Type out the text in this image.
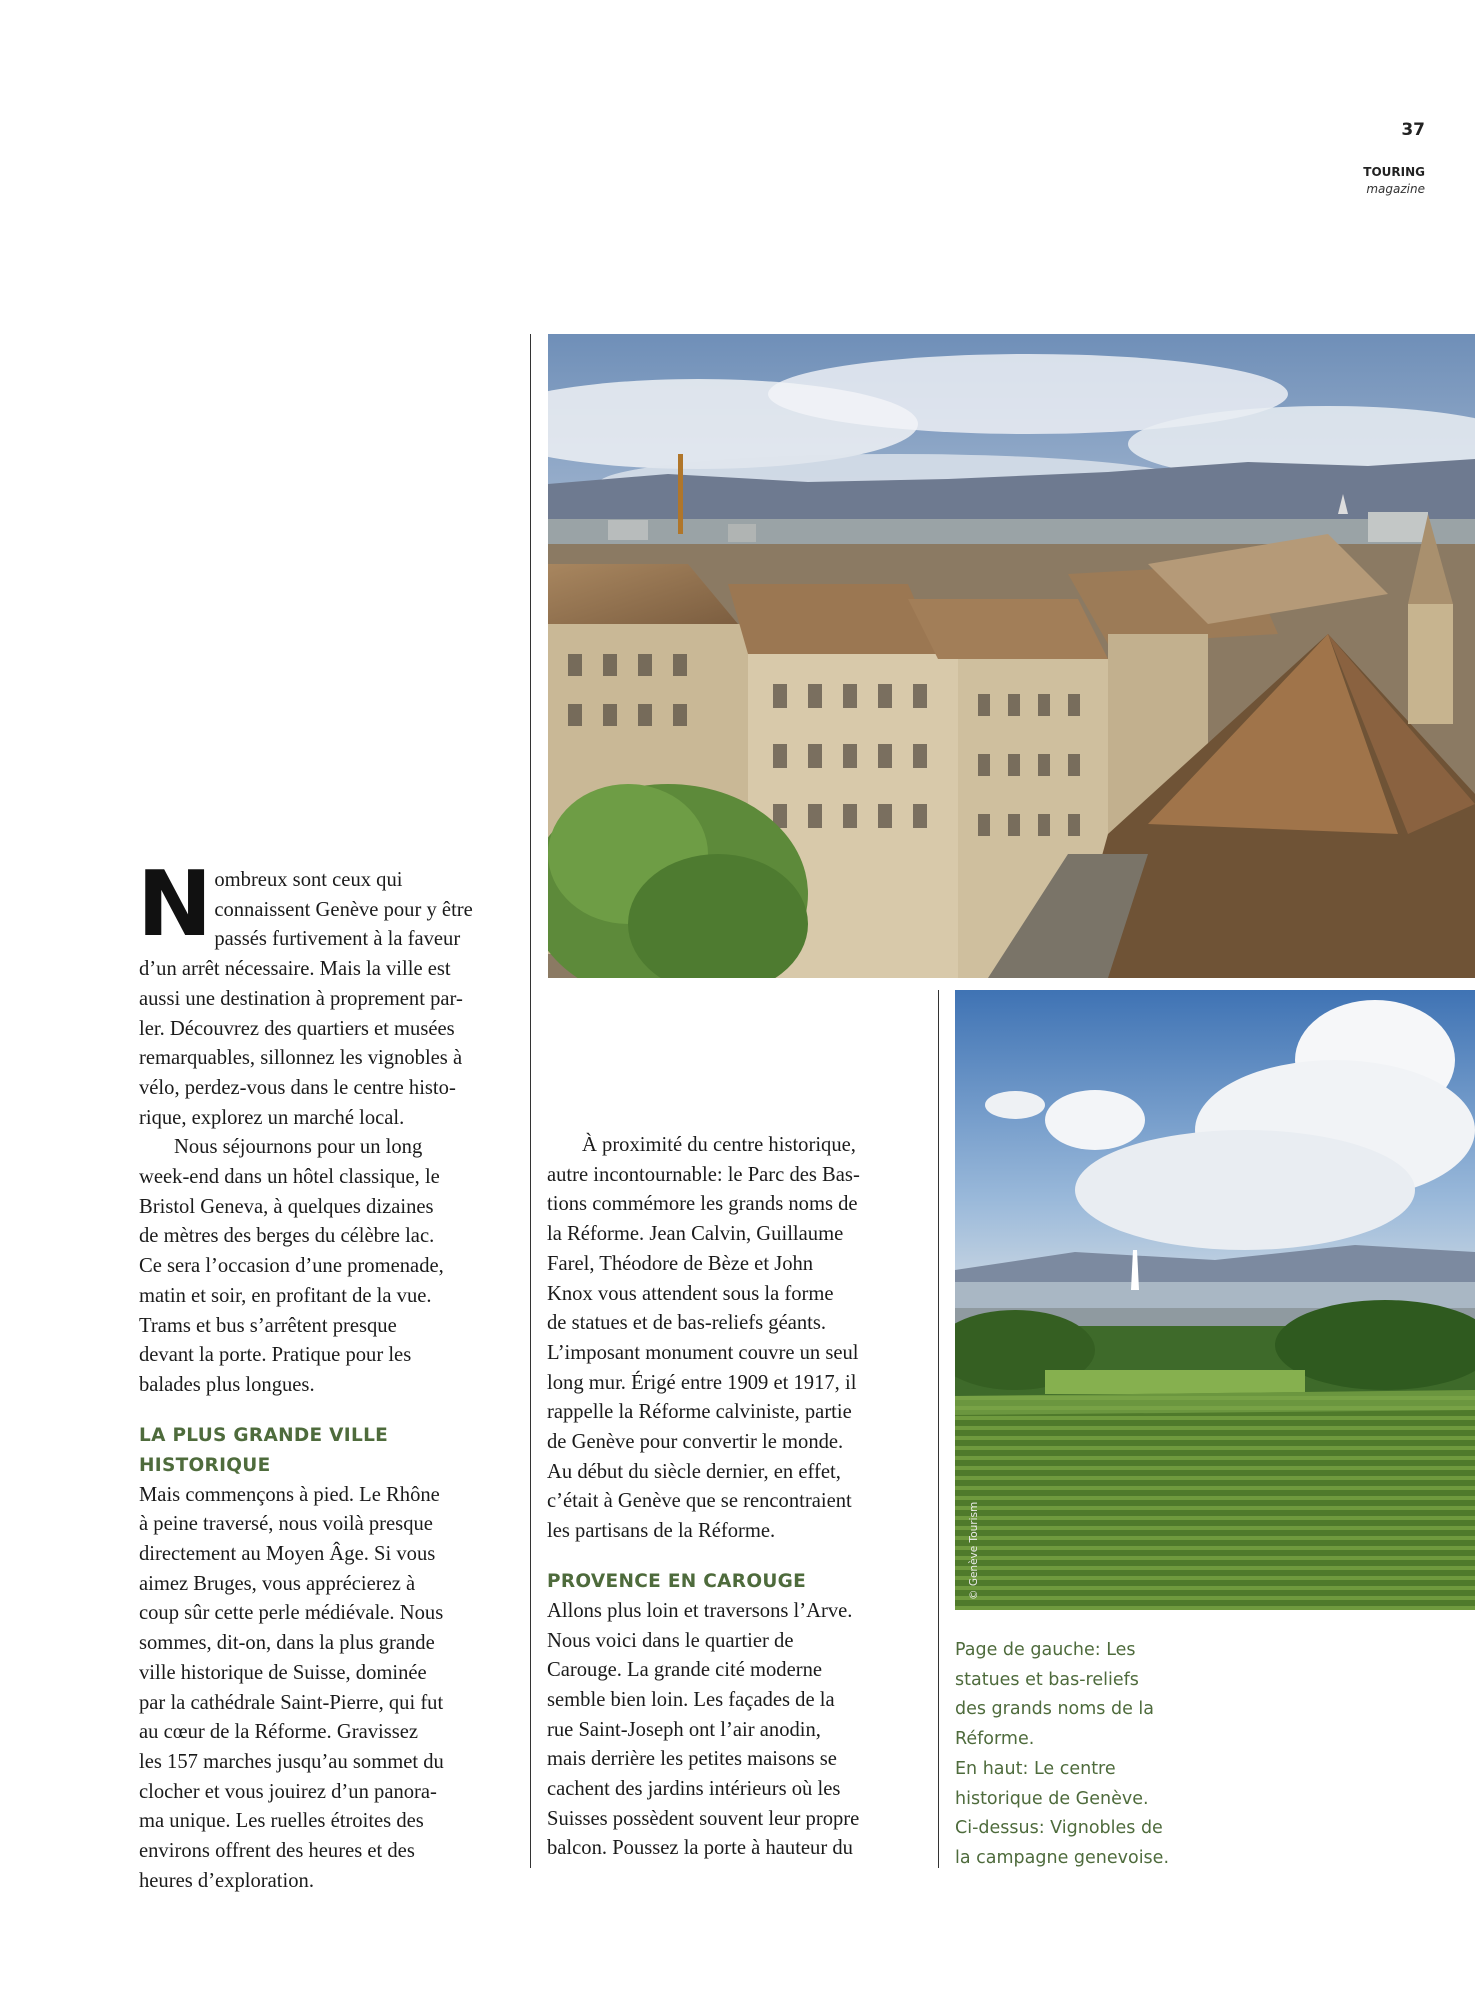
37
TOURING
magazine

N ombreux sont ceux qui
connaissent Genève pour y être
passés furtivement à la faveur
d’un arrêt nécessaire. Mais la ville est
aussi une destination à proprement par-
ler. Découvrez des quartiers et musées
remarquables, sillonnez les vignobles à
vélo, perdez-vous dans le centre histo-
rique, explorez un marché local.

Nous séjournons pour un long
week-end dans un hôtel classique, le
Bristol Geneva, à quelques dizaines
de mètres des berges du célèbre lac.
Ce sera l’occasion d’une promenade,
matin et soir, en profitant de la vue.
Trams et bus s’arrêtent presque
devant la porte. Pratique pour les
balades plus longues.

LA PLUS GRANDE VILLE HISTORIQUE

Mais commençons à pied. Le Rhône
à peine traversé, nous voilà presque
directement au Moyen Âge. Si vous
aimez Bruges, vous apprécierez à
coup sûr cette perle médiévale. Nous
sommes, dit-on, dans la plus grande
ville historique de Suisse, dominée
par la cathédrale Saint-Pierre, qui fut
au cœur de la Réforme. Gravissez
les 157 marches jusqu’au sommet du
clocher et vous jouirez d’un panora-
ma unique. Les ruelles étroites des
environs offrent des heures et des
heures d’exploration.

À proximité du centre historique,
autre incontournable: le Parc des Bas-
tions commémore les grands noms de
la Réforme. Jean Calvin, Guillaume
Farel, Théodore de Bèze et John
Knox vous attendent sous la forme
de statues et de bas-reliefs géants.
L’imposant monument couvre un seul
long mur. Érigé entre 1909 et 1917, il
rappelle la Réforme calviniste, partie
de Genève pour convertir le monde.
Au début du siècle dernier, en effet,
c’était à Genève que se rencontraient
les partisans de la Réforme.

PROVENCE EN CAROUGE

Allons plus loin et traversons l’Arve.
Nous voici dans le quartier de
Carouge. La grande cité moderne
semble bien loin. Les façades de la
rue Saint-Joseph ont l’air anodin,
mais derrière les petites maisons se
cachent des jardins intérieurs où les
Suisses possèdent souvent leur propre
balcon. Poussez la porte à hauteur du

© Genève Tourism

Page de gauche: Les
statues et bas-reliefs
des grands noms de la
Réforme.
En haut: Le centre
historique de Genève.
Ci-dessus: Vignobles de
la campagne genevoise.
